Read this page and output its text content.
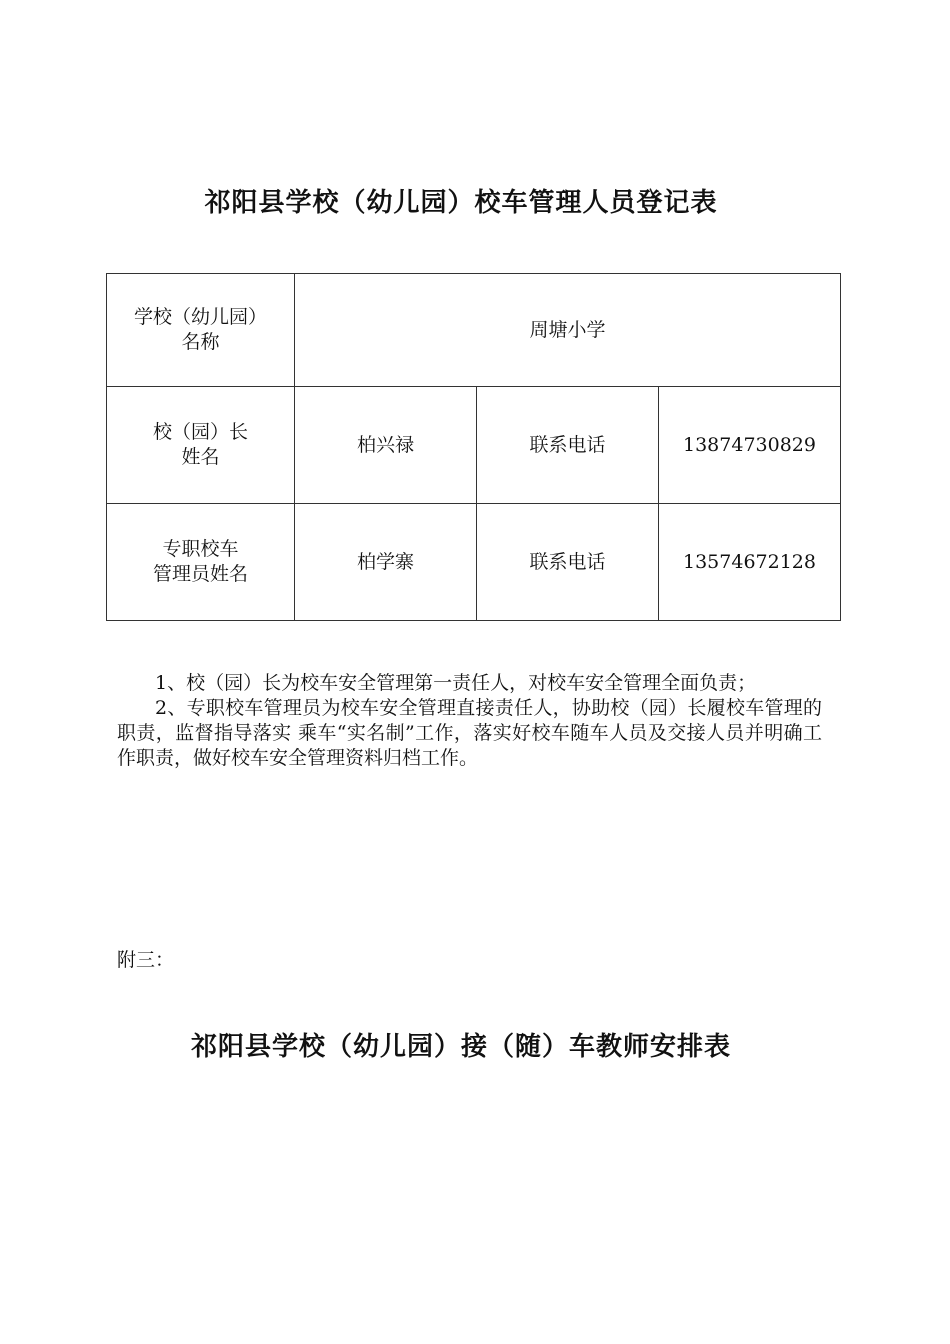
祁阳县学校（幼儿园）校车管理人员登记表
学校（幼儿园）
名称	周塘小学		

校（园）长
姓名	柏兴禄	联系电话	13874730829

专职校车
管理员姓名	柏学寨	联系电话	13574672128

1、校（园）长为校车安全管理第一责任人，对校车安全管理全面负责；

2、专职校车管理员为校车安全管理直接责任人，协助校（园）长履校车管理的职责，监督指导落实 乘车“实名制”工作，落实好校车随车人员及交接人员并明确工作职责，做好校车安全管理资料归档工作。

附三：
祁阳县学校（幼儿园）接（随）车教师安排表
